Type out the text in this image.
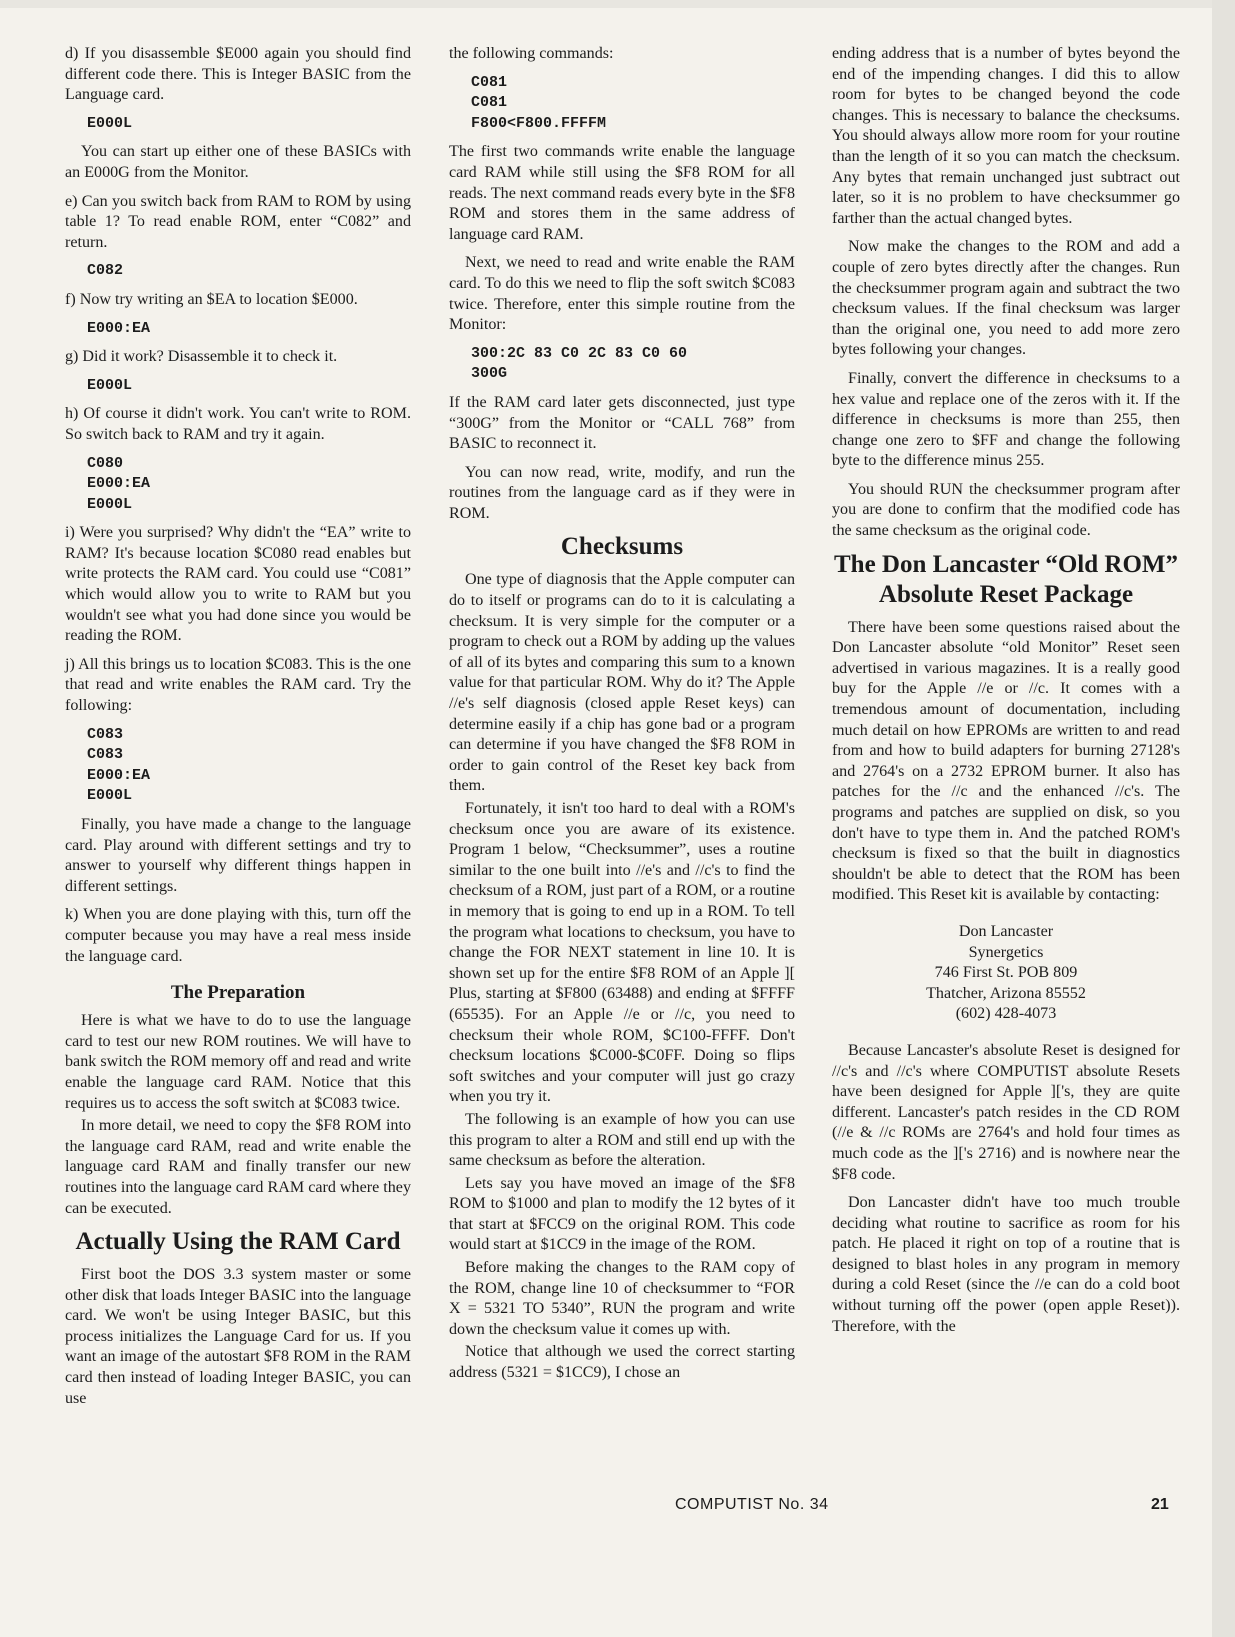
d) If you disassemble $E000 again you should find different code there. This is Integer BASIC from the Language card.

E000L

You can start up either one of these BASICs with an E000G from the Monitor.

e) Can you switch back from RAM to ROM by using table 1? To read enable ROM, enter “C082” and return.

C082

f) Now try writing an $EA to location $E000.

E000:EA

g) Did it work? Disassemble it to check it.

E000L

h) Of course it didn't work. You can't write to ROM. So switch back to RAM and try it again.

C080
E000:EA
E000L

i) Were you surprised? Why didn't the “EA” write to RAM? It's because location $C080 read enables but write protects the RAM card. You could use “C081” which would allow you to write to RAM but you wouldn't see what you had done since you would be reading the ROM.

j) All this brings us to location $C083. This is the one that read and write enables the RAM card. Try the following:

C083
C083
E000:EA
E000L

Finally, you have made a change to the language card. Play around with different settings and try to answer to yourself why different things happen in different settings.

k) When you are done playing with this, turn off the computer because you may have a real mess inside the language card.

The Preparation

Here is what we have to do to use the language card to test our new ROM routines. We will have to bank switch the ROM memory off and read and write enable the language card RAM. Notice that this requires us to access the soft switch at $C083 twice.

In more detail, we need to copy the $F8 ROM into the language card RAM, read and write enable the language card RAM and finally transfer our new routines into the language card RAM card where they can be executed.

Actually Using the RAM Card

First boot the DOS 3.3 system master or some other disk that loads Integer BASIC into the language card. We won't be using Integer BASIC, but this process initializes the Language Card for us. If you want an image of the autostart $F8 ROM in the RAM card then instead of loading Integer BASIC, you can use

the following commands:

C081
C081
F800<F800.FFFFM

The first two commands write enable the language card RAM while still using the $F8 ROM for all reads. The next command reads every byte in the $F8 ROM and stores them in the same address of language card RAM.

Next, we need to read and write enable the RAM card. To do this we need to flip the soft switch $C083 twice. Therefore, enter this simple routine from the Monitor:

300:2C 83 C0 2C 83 C0 60
300G

If the RAM card later gets disconnected, just type “300G” from the Monitor or “CALL 768” from BASIC to reconnect it.

You can now read, write, modify, and run the routines from the language card as if they were in ROM.

Checksums

One type of diagnosis that the Apple computer can do to itself or programs can do to it is calculating a checksum. It is very simple for the computer or a program to check out a ROM by adding up the values of all of its bytes and comparing this sum to a known value for that particular ROM. Why do it? The Apple //e's self diagnosis (closed apple Reset keys) can determine easily if a chip has gone bad or a program can determine if you have changed the $F8 ROM in order to gain control of the Reset key back from them.

Fortunately, it isn't too hard to deal with a ROM's checksum once you are aware of its existence. Program 1 below, “Checksummer”, uses a routine similar to the one built into //e's and //c's to find the checksum of a ROM, just part of a ROM, or a routine in memory that is going to end up in a ROM. To tell the program what locations to checksum, you have to change the FOR NEXT statement in line 10. It is shown set up for the entire $F8 ROM of an Apple ][ Plus, starting at $F800 (63488) and ending at $FFFF (65535). For an Apple //e or //c, you need to checksum their whole ROM, $C100-FFFF. Don't checksum locations $C000-$C0FF. Doing so flips soft switches and your computer will just go crazy when you try it.

The following is an example of how you can use this program to alter a ROM and still end up with the same checksum as before the alteration.

Lets say you have moved an image of the $F8 ROM to $1000 and plan to modify the 12 bytes of it that start at $FCC9 on the original ROM. This code would start at $1CC9 in the image of the ROM.

Before making the changes to the RAM copy of the ROM, change line 10 of checksummer to “FOR X = 5321 TO 5340”, RUN the program and write down the checksum value it comes up with.

Notice that although we used the correct starting address (5321 = $1CC9), I chose an

ending address that is a number of bytes beyond the end of the impending changes. I did this to allow room for bytes to be changed beyond the code changes. This is necessary to balance the checksums. You should always allow more room for your routine than the length of it so you can match the checksum. Any bytes that remain unchanged just subtract out later, so it is no problem to have checksummer go farther than the actual changed bytes.

Now make the changes to the ROM and add a couple of zero bytes directly after the changes. Run the checksummer program again and subtract the two checksum values. If the final checksum was larger than the original one, you need to add more zero bytes following your changes.

Finally, convert the difference in checksums to a hex value and replace one of the zeros with it. If the difference in checksums is more than 255, then change one zero to $FF and change the following byte to the difference minus 255.

You should RUN the checksummer program after you are done to confirm that the modified code has the same checksum as the original code.

The Don Lancaster “Old ROM” Absolute Reset Package

There have been some questions raised about the Don Lancaster absolute “old Monitor” Reset seen advertised in various magazines. It is a really good buy for the Apple //e or //c. It comes with a tremendous amount of documentation, including much detail on how EPROMs are written to and read from and how to build adapters for burning 27128's and 2764's on a 2732 EPROM burner. It also has patches for the //c and the enhanced //c's. The programs and patches are supplied on disk, so you don't have to type them in. And the patched ROM's checksum is fixed so that the built in diagnostics shouldn't be able to detect that the ROM has been modified. This Reset kit is available by contacting:

Don Lancaster
Synergetics
746 First St. POB 809
Thatcher, Arizona 85552
(602) 428-4073

Because Lancaster's absolute Reset is designed for //c's and //c's where COMPUTIST absolute Resets have been designed for Apple ]['s, they are quite different. Lancaster's patch resides in the CD ROM (//e & //c ROMs are 2764's and hold four times as much code as the ]['s 2716) and is nowhere near the $F8 code.

Don Lancaster didn't have too much trouble deciding what routine to sacrifice as room for his patch. He placed it right on top of a routine that is designed to blast holes in any program in memory during a cold Reset (since the //e can do a cold boot without turning off the power (open apple Reset)). Therefore, with the

COMPUTIST No. 34	21
